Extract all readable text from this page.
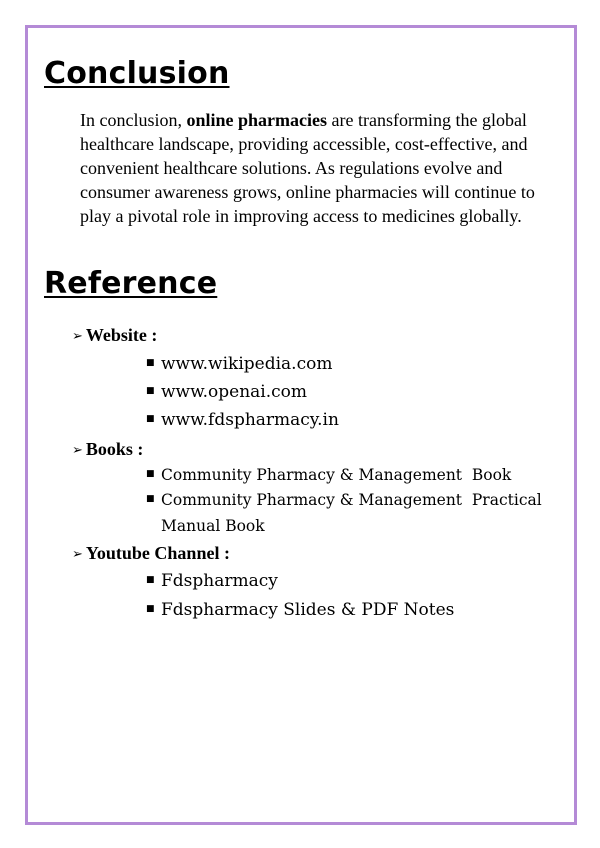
Conclusion

In conclusion, online pharmacies are transforming the global healthcare landscape, providing accessible, cost-effective, and convenient healthcare solutions. As regulations evolve and consumer awareness grows, online pharmacies will continue to play a pivotal role in improving access to medicines globally.

Reference
➢ Website :
■ www.wikipedia.com
■ www.openai.com
■ www.fdspharmacy.in
➢ Books :
■ Community Pharmacy & Management  Book
■ Community Pharmacy & Management  Practical
Manual Book
➢ Youtube Channel :
■ Fdspharmacy
■ Fdspharmacy Slides & PDF Notes
